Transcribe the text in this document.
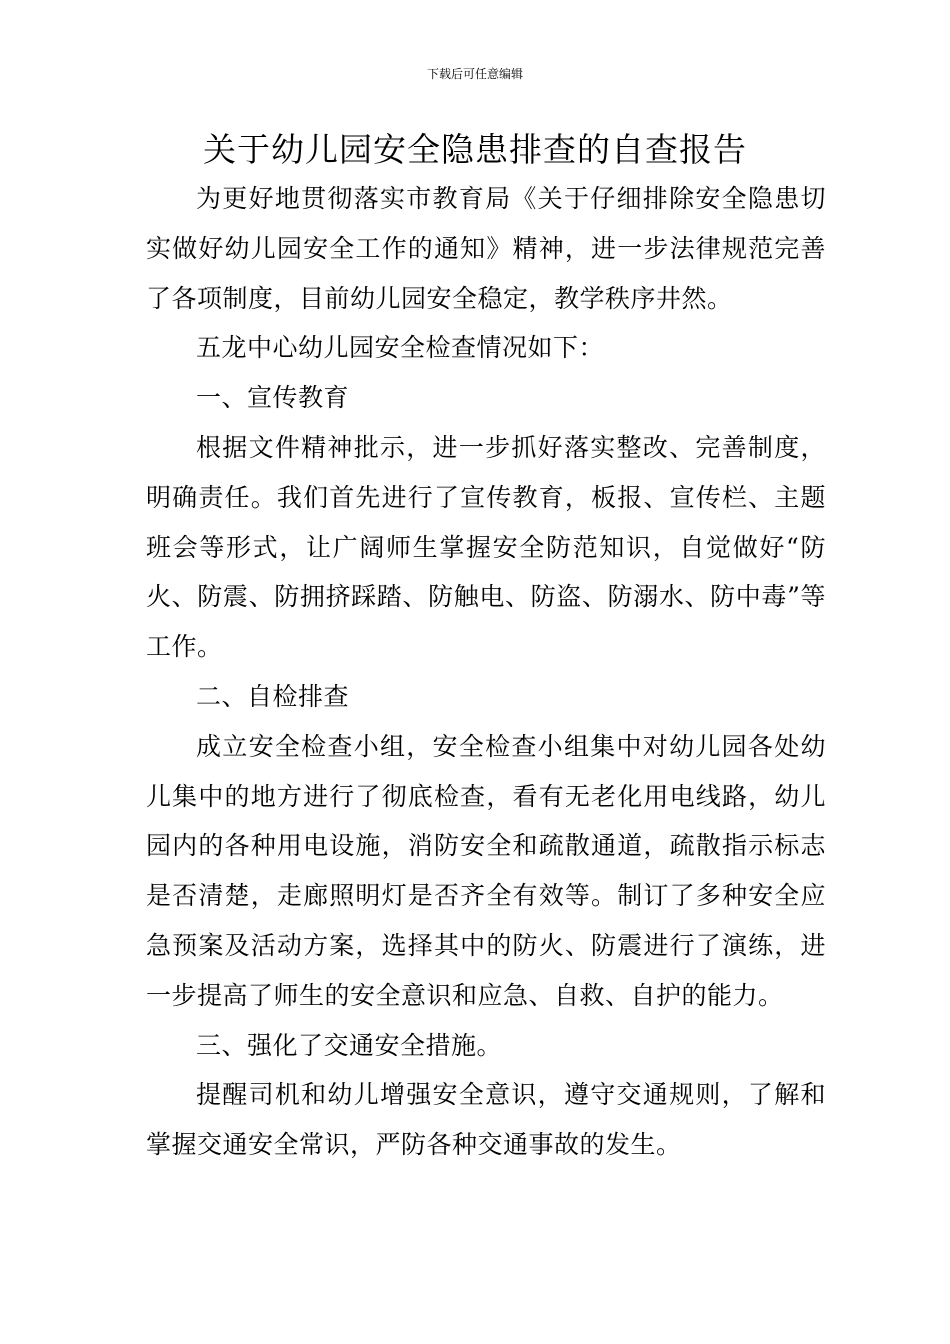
下载后可任意编辑
关于幼儿园安全隐患排查的自查报告

为更好地贯彻落实市教育局《关于仔细排除安全隐患切实做好幼儿园安全工作的通知》精神，进一步法律规范完善了各项制度，目前幼儿园安全稳定，教学秩序井然。

五龙中心幼儿园安全检查情况如下：

一、宣传教育

根据文件精神批示，进一步抓好落实整改、完善制度，明确责任。我们首先进行了宣传教育，板报、宣传栏、主题班会等形式，让广阔师生掌握安全防范知识，自觉做好“防火、防震、防拥挤踩踏、防触电、防盗、防溺水、防中毒”等工作。

二、自检排查

成立安全检查小组，安全检查小组集中对幼儿园各处幼儿集中的地方进行了彻底检查，看有无老化用电线路，幼儿园内的各种用电设施，消防安全和疏散通道，疏散指示标志是否清楚，走廊照明灯是否齐全有效等。制订了多种安全应急预案及活动方案，选择其中的防火、防震进行了演练，进一步提高了师生的安全意识和应急、自救、自护的能力。

三、强化了交通安全措施。

提醒司机和幼儿增强安全意识，遵守交通规则，了解和掌握交通安全常识，严防各种交通事故的发生。
